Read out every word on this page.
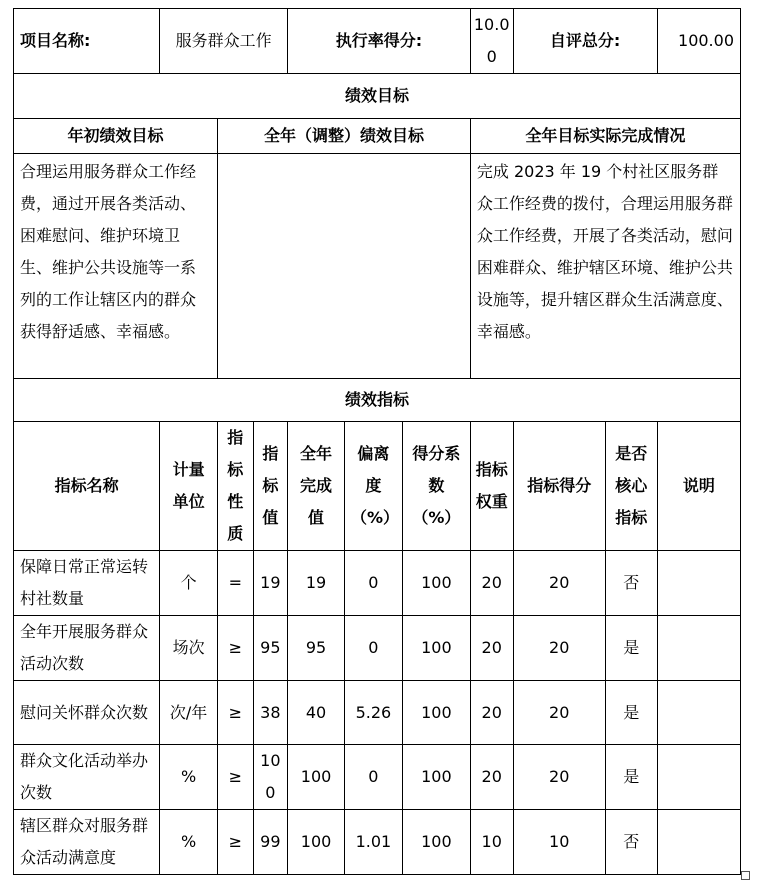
项目名称:	服务群众工作			执行率得分:			10.00	自评总分:		100.00
绩效目标										
年初绩效目标		全年（调整）绩效目标					全年目标实际完成情况			
合理运用服务群众工作经费，通过开展各类活动、困难慰问、维护环境卫生、维护公共设施等一系列的工作让辖区内的群众获得舒适感、幸福感。							完成 2023 年 19 个村社区服务群众工作经费的拨付，合理运用服务群众工作经费，开展了各类活动，慰问困难群众、维护辖区环境、维护公共设施等，提升辖区群众生活满意度、幸福感。			
绩效指标										
指标名称	计量单位	指标性质	指标值	全年完成值	偏离度（%）	得分系数（%）	指标权重	指标得分	是否核心指标	说明
保障日常正常运转村社数量	个	=	19	19	0	100	20	20	否	
全年开展服务群众活动次数	场次	≥	95	95	0	100	20	20	是	
慰问关怀群众次数	次/年	≥	38	40	5.26	100	20	20	是	
群众文化活动举办次数	%	≥	100	100	0	100	20	20	是	
辖区群众对服务群众活动满意度	%	≥	99	100	1.01	100	10	10	否	
